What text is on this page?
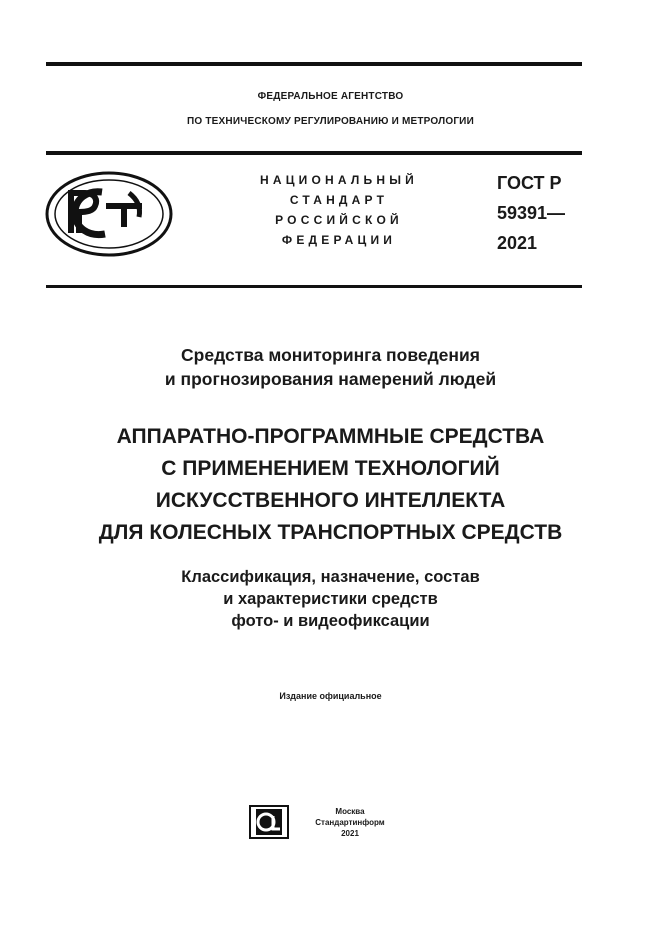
ФЕДЕРАЛЬНОЕ АГЕНТСТВО
ПО ТЕХНИЧЕСКОМУ РЕГУЛИРОВАНИЮ И МЕТРОЛОГИИ
НАЦИОНАЛЬНЫЙ
СТАНДАРТ
РОССИЙСКОЙ
ФЕДЕРАЦИИ
ГОСТ Р
59391—
2021
Средства мониторинга поведения
и прогнозирования намерений людей
АППАРАТНО-ПРОГРАММНЫЕ СРЕДСТВА
С ПРИМЕНЕНИЕМ ТЕХНОЛОГИЙ
ИСКУССТВЕННОГО ИНТЕЛЛЕКТА
ДЛЯ КОЛЕСНЫХ ТРАНСПОРТНЫХ СРЕДСТВ
Классификация, назначение, состав
и характеристики средств
фото- и видеофиксации
Издание официальное
Москва
Стандартинформ
2021
